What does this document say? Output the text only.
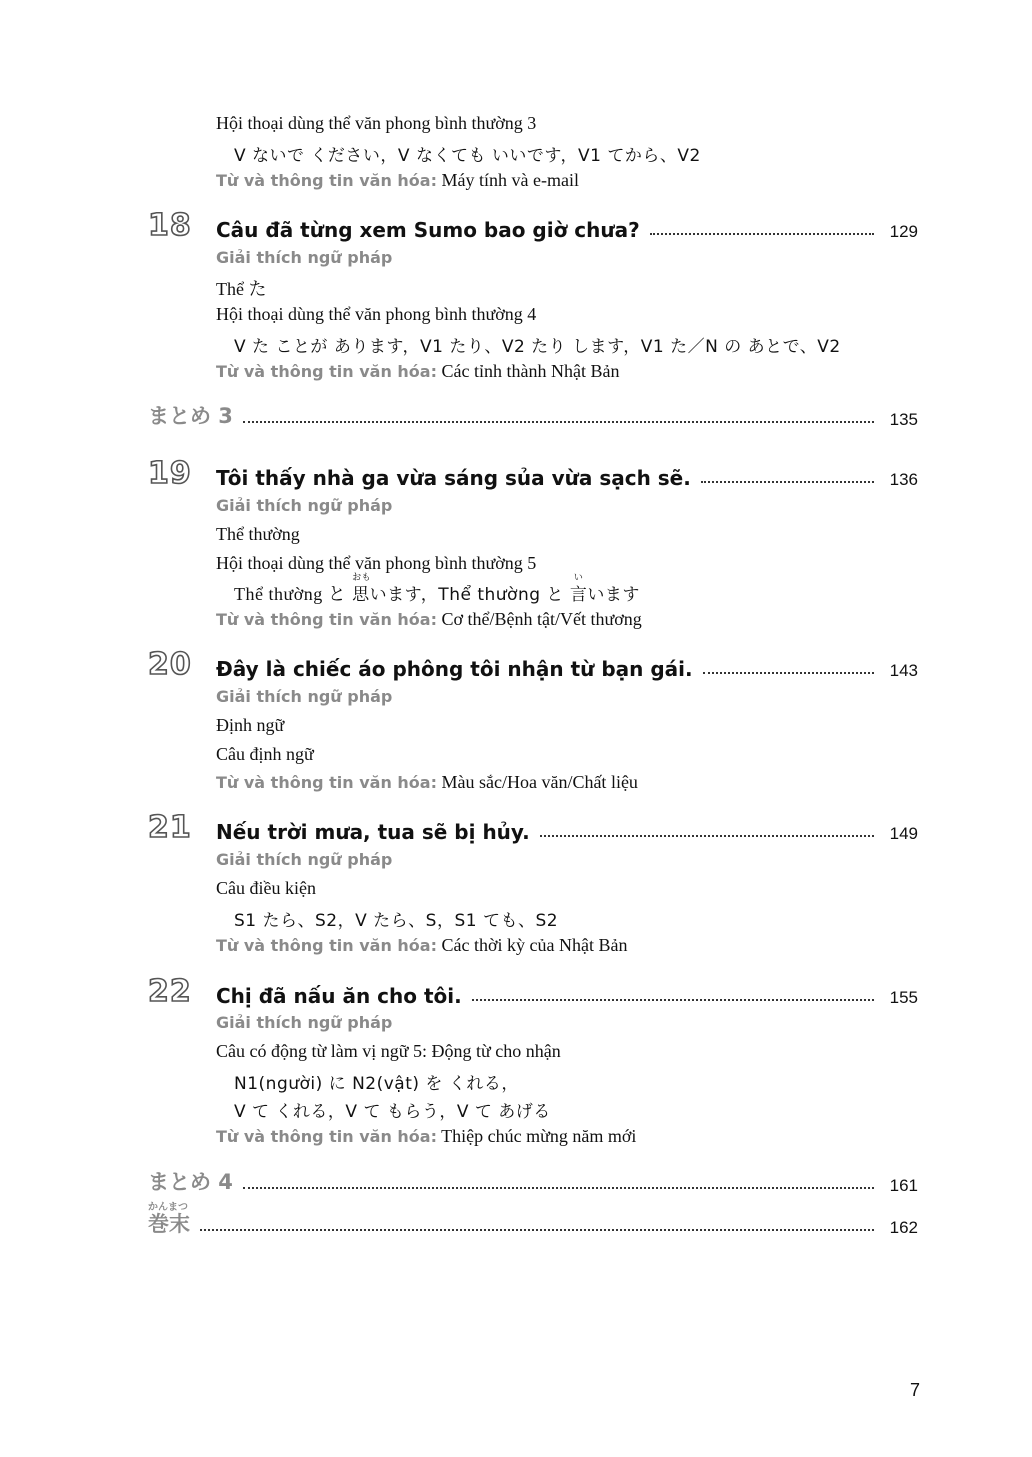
Hội thoại dùng thể văn phong bình thường 3
V ないで ください，V なくても いいです，V1 てから、V2
Từ và thông tin văn hóa: Máy tính và e-mail
18 Câu đã từng xem Sumo bao giờ chưa?	129
Giải thích ngữ pháp
Thể た
Hội thoại dùng thể văn phong bình thường 4
V た ことが あります，V1 たり、V2 たり します，V1 た／N の あとで、V2
Từ và thông tin văn hóa: Các tỉnh thành Nhật Bản
まとめ 3	135
19 Tôi thấy nhà ga vừa sáng sủa vừa sạch sẽ.	136
Giải thích ngữ pháp
Thể thường
Hội thoại dùng thể văn phong bình thường 5
Thể thường と
おも
思います，Thể thường と
い
言います
Từ và thông tin văn hóa: Cơ thể/Bệnh tật/Vết thương
20 Đây là chiếc áo phông tôi nhận từ bạn gái.	143
Giải thích ngữ pháp
Định ngữ
Câu định ngữ
Từ và thông tin văn hóa: Màu sắc/Hoa văn/Chất liệu
21 Nếu trời mưa, tua sẽ bị hủy.	149
Giải thích ngữ pháp
Câu điều kiện
S1 たら、S2，V たら、S，S1 ても、S2
Từ và thông tin văn hóa: Các thời kỳ của Nhật Bản
22 Chị đã nấu ăn cho tôi.	155
Giải thích ngữ pháp
Câu có động từ làm vị ngữ 5: Động từ cho nhận
N1(người) に N2(vật) を くれる，
V て くれる，V て もらう，V て あげる
Từ và thông tin văn hóa: Thiệp chúc mừng năm mới
まとめ 4	161
かんまつ
巻末	162
7
